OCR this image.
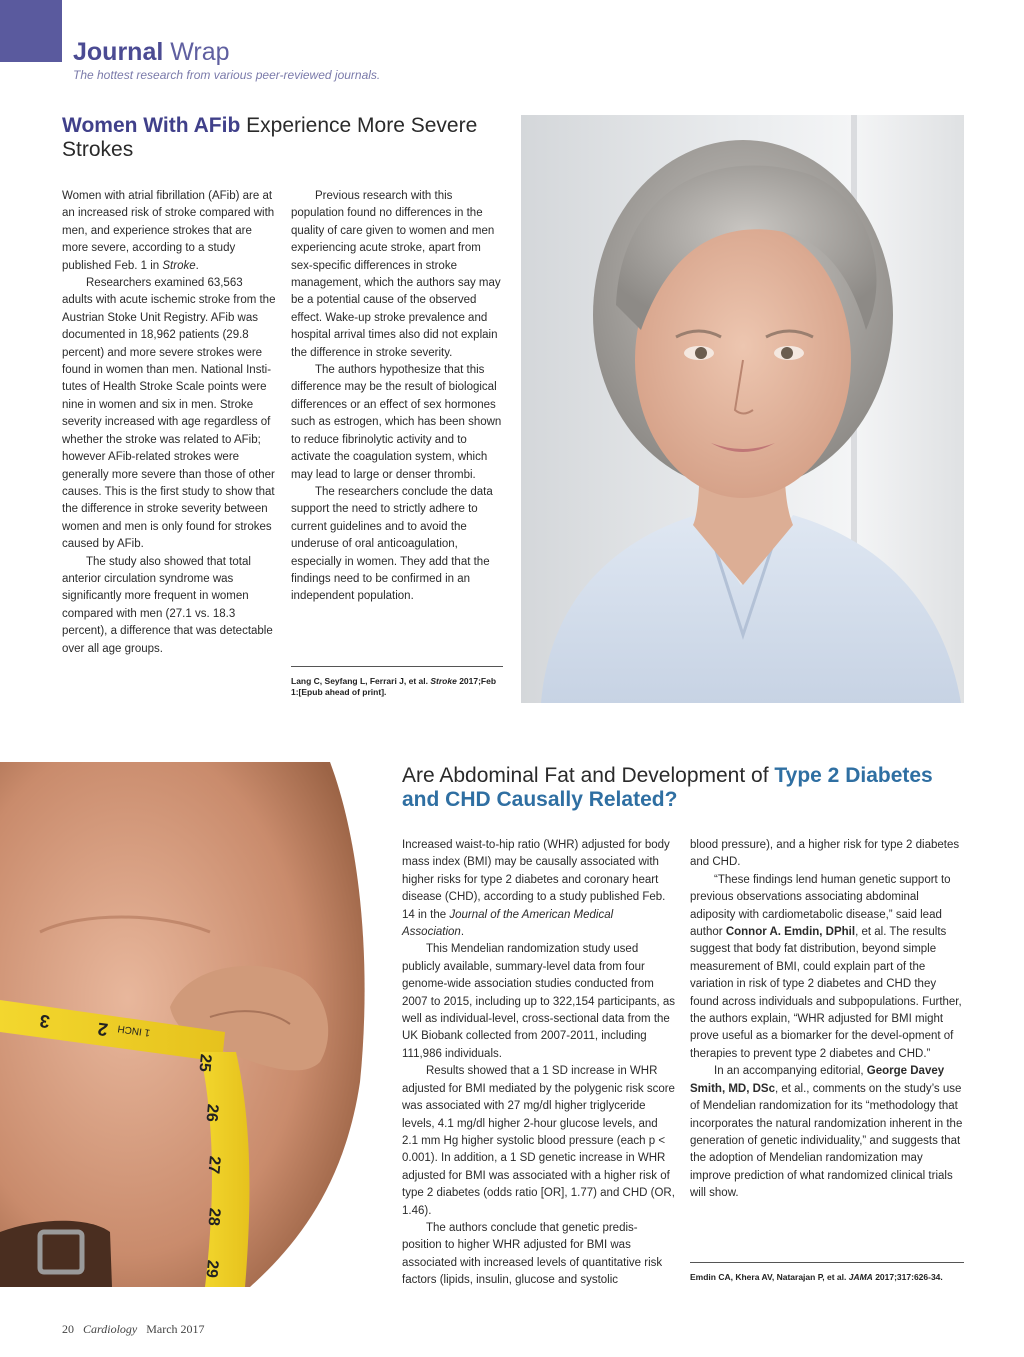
Journal Wrap
The hottest research from various peer-reviewed journals.
Women With AFib Experience More Severe Strokes

Women with atrial fibrillation (AFib) are at an increased risk of stroke compared with men, and experience strokes that are more severe, according to a study published Feb. 1 in Stroke.

Researchers examined 63,563 adults with acute ischemic stroke from the Austrian Stoke Unit Registry. AFib was documented in 18,962 patients (29.8 percent) and more severe strokes were found in women than men. National Insti-tutes of Health Stroke Scale points were nine in women and six in men. Stroke severity increased with age regardless of whether the stroke was related to AFib; however AFib-related strokes were generally more severe than those of other causes. This is the first study to show that the difference in stroke severity between women and men is only found for strokes caused by AFib.

The study also showed that total anterior circulation syndrome was significantly more frequent in women compared with men (27.1 vs. 18.3 percent), a difference that was detectable over all age groups.

Previous research with this population found no differences in the quality of care given to women and men experiencing acute stroke, apart from sex-specific differences in stroke management, which the authors say may be a potential cause of the observed effect. Wake-up stroke prevalence and hospital arrival times also did not explain the difference in stroke severity.

The authors hypothesize that this difference may be the result of biological differences or an effect of sex hormones such as estrogen, which has been shown to reduce fibrinolytic activity and to activate the coagulation system, which may lead to large or denser thrombi.

The researchers conclude the data support the need to strictly adhere to current guidelines and to avoid the underuse of oral anticoagulation, especially in women. They add that the findings need to be confirmed in an independent population.

Lang C, Seyfang L, Ferrari J, et al. Stroke 2017;Feb 1:[Epub ahead of print].
3	2 1 INCH
25
26
27
28
29
Are Abdominal Fat and Development of Type 2 Diabetes and CHD Causally Related?

Increased waist-to-hip ratio (WHR) adjusted for body mass index (BMI) may be causally associated with higher risks for type 2 diabetes and coronary heart disease (CHD), according to a study published Feb. 14 in the Journal of the American Medical Association.

This Mendelian randomization study used publicly available, summary-level data from four genome-wide association studies conducted from 2007 to 2015, including up to 322,154 participants, as well as individual-level, cross-sectional data from the UK Biobank collected from 2007-2011, including 111,986 individuals.

Results showed that a 1 SD increase in WHR adjusted for BMI mediated by the polygenic risk score was associated with 27 mg/dl higher triglyceride levels, 4.1 mg/dl higher 2-hour glucose levels, and 2.1 mm Hg higher systolic blood pressure (each p < 0.001). In addition, a 1 SD genetic increase in WHR adjusted for BMI was associated with a higher risk of type 2 diabetes (odds ratio [OR], 1.77) and CHD (OR, 1.46).

The authors conclude that genetic predis-position to higher WHR adjusted for BMI was associated with increased levels of quantitative risk factors (lipids, insulin, glucose and systolic

blood pressure), and a higher risk for type 2 diabetes and CHD.

“These findings lend human genetic support to previous observations associating abdominal adiposity with cardiometabolic disease,” said lead author Connor A. Emdin, DPhil, et al. The results suggest that body fat distribution, beyond simple measurement of BMI, could explain part of the variation in risk of type 2 diabetes and CHD they found across individuals and subpopulations. Further, the authors explain, “WHR adjusted for BMI might prove useful as a biomarker for the devel-opment of therapies to prevent type 2 diabetes and CHD.”

In an accompanying editorial, George Davey Smith, MD, DSc, et al., comments on the study’s use of Mendelian randomization for its “methodology that incorporates the natural randomization inherent in the generation of genetic individuality,” and suggests that the adoption of Mendelian randomization may improve prediction of what randomized clinical trials will show.

Emdin CA, Khera AV, Natarajan P, et al. JAMA 2017;317:626-34.
20 Cardiology March 2017
